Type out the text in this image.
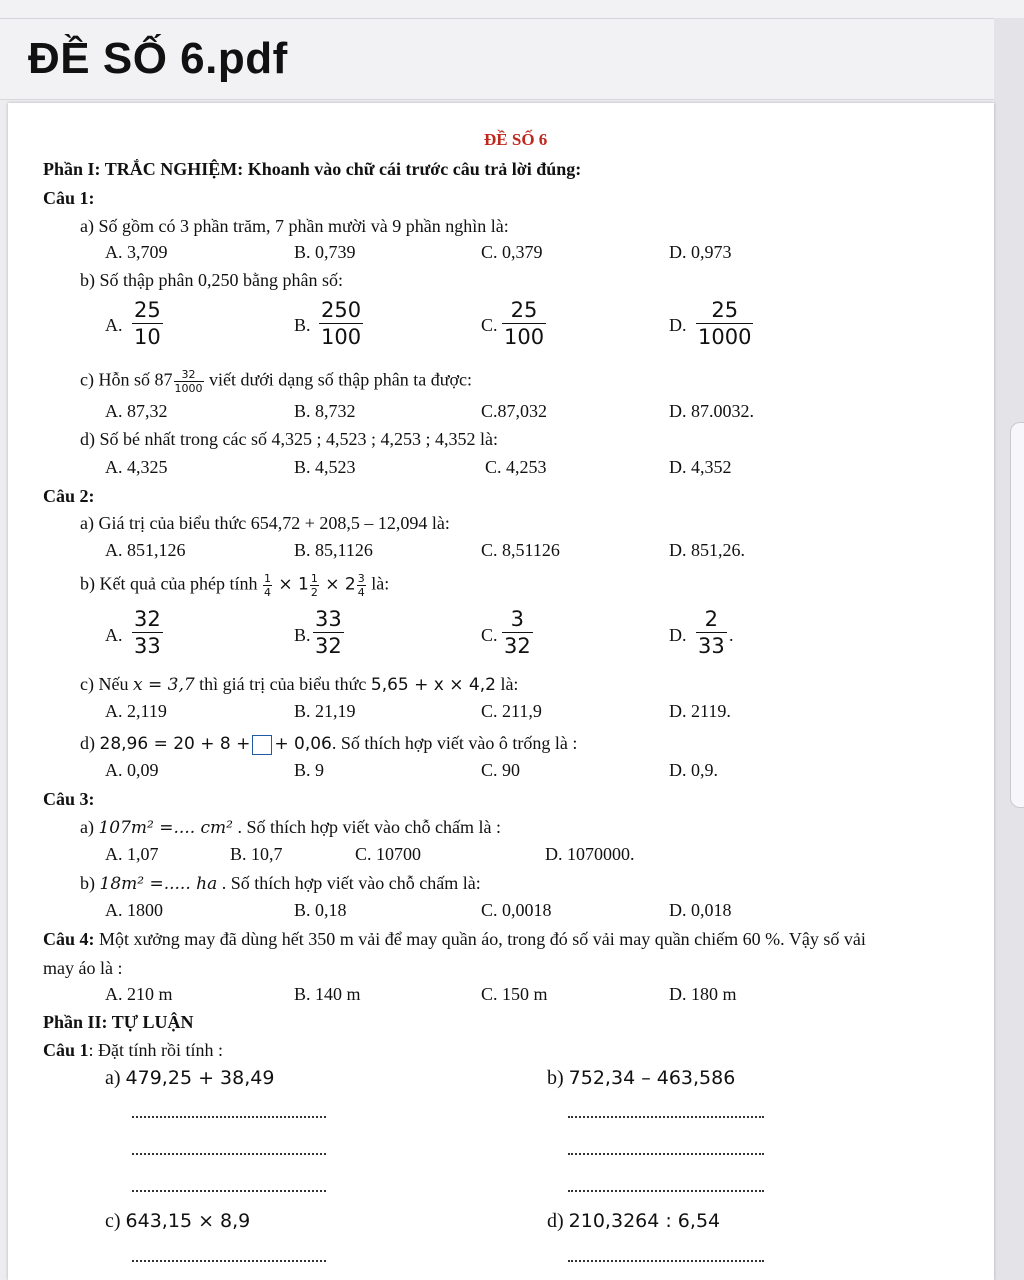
ĐỀ SỐ 6.pdf
ĐỀ SỐ 6
Phần I: TRẮC NGHIỆM: Khoanh vào chữ cái trước câu trả lời đúng:
Câu 1:
a) Số gồm có 3 phần trăm, 7 phần mười và 9 phần nghìn là:
A. 3,709	B. 0,739	C. 0,379	D. 0,973
b) Số thập phân 0,250 bằng phân số:
A. $\frac{25}{10}$	B. $\frac{250}{100}$	C. $\frac{25}{100}$	D. $\frac{25}{1000}$
c) Hỗn số $87 \frac{32}{1000}$ viết dưới dạng số thập phân ta được:
A. 87,32	B. 8,732	C.87,032	D. 87.0032.
d) Số bé nhất trong các số 4,325 ; 4,523 ; 4,253 ; 4,352 là:
A. 4,325	B. 4,523	C. 4,253	D. 4,352
Câu 2:
a) Giá trị của biểu thức 654,72 + 208,5 – 12,094 là:
A. 851,126	B. 85,1126	C. 8,51126	D. 851,26.
b) Kết quả của phép tính $\frac{1}{4} \times 1 \frac{1}{2} \times 2 \frac{3}{4}$ là:
A. $\frac{32}{33}$	B. $\frac{33}{32}$	C. $\frac{3}{32}$	D. $\frac{2}{33}$ .
c) Nếu x = 3,7 thì giá trị của biểu thức 5,65 + x × 4,2 là:
A. 2,119	B. 21,19	C. 211,9	D. 2119.
d) 28,96 = 20 + 8 + + 0,06. Số thích hợp viết vào ô trống là :
A. 0,09	B. 9	C. 90	D. 0,9.
Câu 3:
a) 107m² =.... cm² . Số thích hợp viết vào chỗ chấm là :
A. 1,07	B. 10,7	C. 10700	D. 1070000.
b) 18m² =..... ha . Số thích hợp viết vào chỗ chấm là:
A. 1800	B. 0,18	C. 0,0018	D. 0,018
Câu 4: Một xưởng may đã dùng hết 350 m vải để may quần áo, trong đó số vải may quần chiếm 60 %. Vậy số vải
may áo là :
A. 210 m	B. 140 m	C. 150 m	D. 180 m
Phần II: TỰ LUẬN
Câu 1: Đặt tính rồi tính :
a) 479,25 + 38,49	b) 752,34 – 463,586
c) 643,15 × 8,9	d) 210,3264 : 6,54
